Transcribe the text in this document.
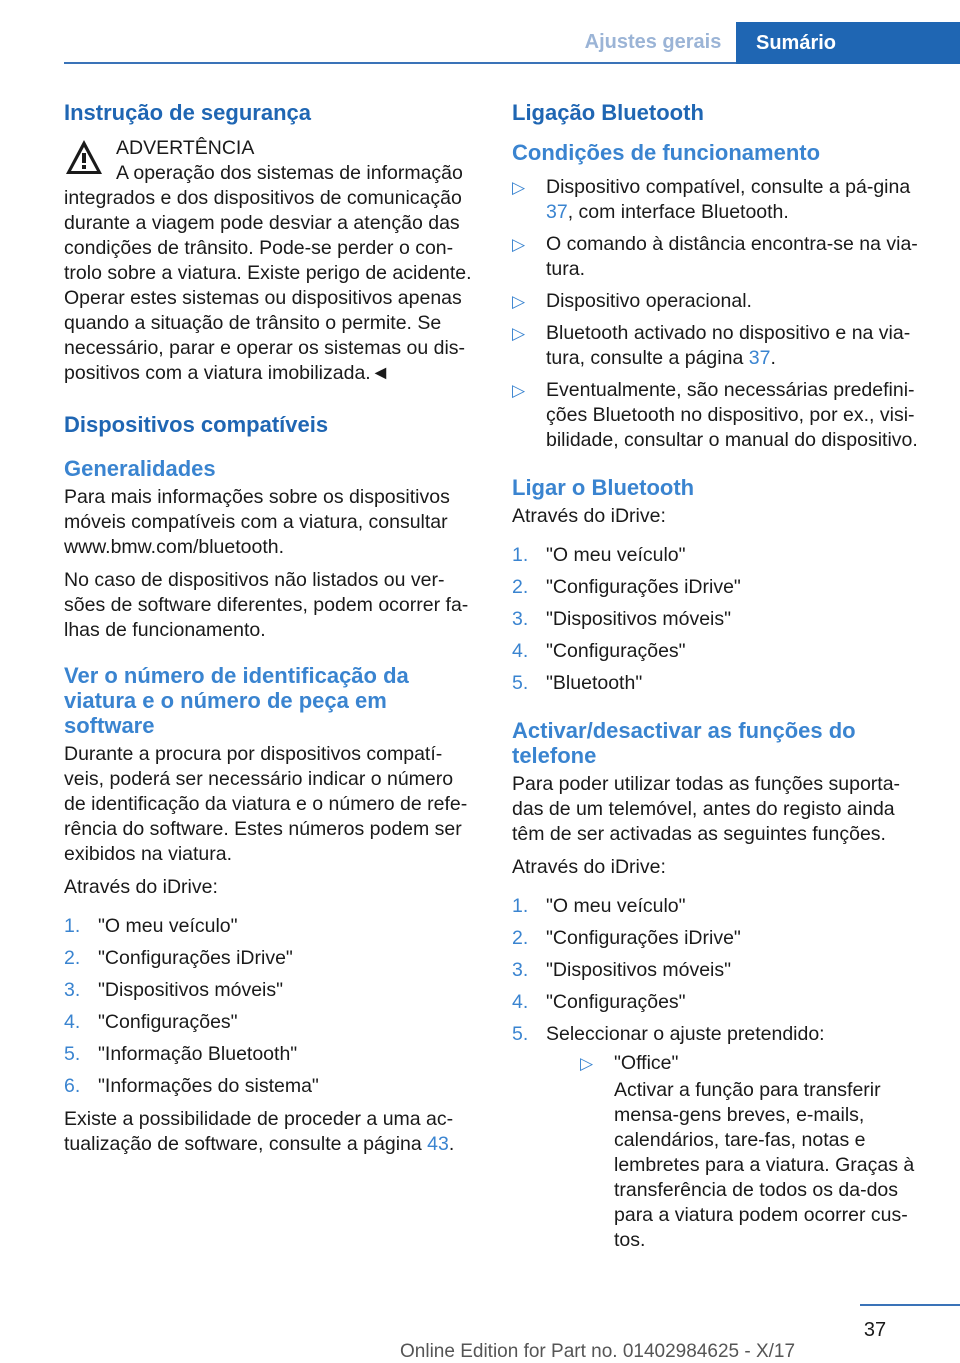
Ajustes gerais	Sumário
Instrução de segurança

ADVERTÊNCIA

A operação dos sistemas de informação

integrados e dos dispositivos de comunicação durante a viagem pode desviar a atenção das condições de trânsito. Pode-se perder o con-trolo sobre a viatura. Existe perigo de acidente. Operar estes sistemas ou dispositivos apenas quando a situação de trânsito o permite. Se necessário, parar e operar os sistemas ou dis-positivos com a viatura imobilizada.◄

Dispositivos compatíveis
Generalidades

Para mais informações sobre os dispositivos móveis compatíveis com a viatura, consultar www.bmw.com/bluetooth.

No caso de dispositivos não listados ou ver-sões de software diferentes, podem ocorrer fa-lhas de funcionamento.

Ver o número de identificação da viatura e o número de peça em software

Durante a procura por dispositivos compatí-veis, poderá ser necessário indicar o número de identificação da viatura e o número de refe-rência do software. Estes números podem ser exibidos na viatura.

Através do iDrive:

1. "O meu veículo"
2. "Configurações iDrive"
3. "Dispositivos móveis"
4. "Configurações"
5. "Informação Bluetooth"
6. "Informações do sistema"

Existe a possibilidade de proceder a uma ac-tualização de software, consulte a página 43.

Ligação Bluetooth
Condições de funcionamento
▷ Dispositivo compatível, consulte a pá-gina 37, com interface Bluetooth.
▷ O comando à distância encontra-se na via-tura.
▷ Dispositivo operacional.
▷ Bluetooth activado no dispositivo e na via-tura, consulte a página 37.
▷ Eventualmente, são necessárias predefini-ções Bluetooth no dispositivo, por ex., visi-bilidade, consultar o manual do dispositivo.
Ligar o Bluetooth

Através do iDrive:

1. "O meu veículo"
2. "Configurações iDrive"
3. "Dispositivos móveis"
4. "Configurações"
5. "Bluetooth"
Activar/desactivar as funções do telefone

Para poder utilizar todas as funções suporta-das de um telemóvel, antes do registo ainda têm de ser activadas as seguintes funções.

Através do iDrive:

1. "O meu veículo"
2. "Configurações iDrive"
3. "Dispositivos móveis"
4. "Configurações"
5. Seleccionar o ajuste pretendido:
▷ "Office"

Activar a função para transferir mensa-gens breves, e-mails, calendários, tare-fas, notas e lembretes para a viatura. Graças à transferência de todos os da-dos para a viatura podem ocorrer cus-tos.

37
Online Edition for Part no. 01402984625 - X/17
